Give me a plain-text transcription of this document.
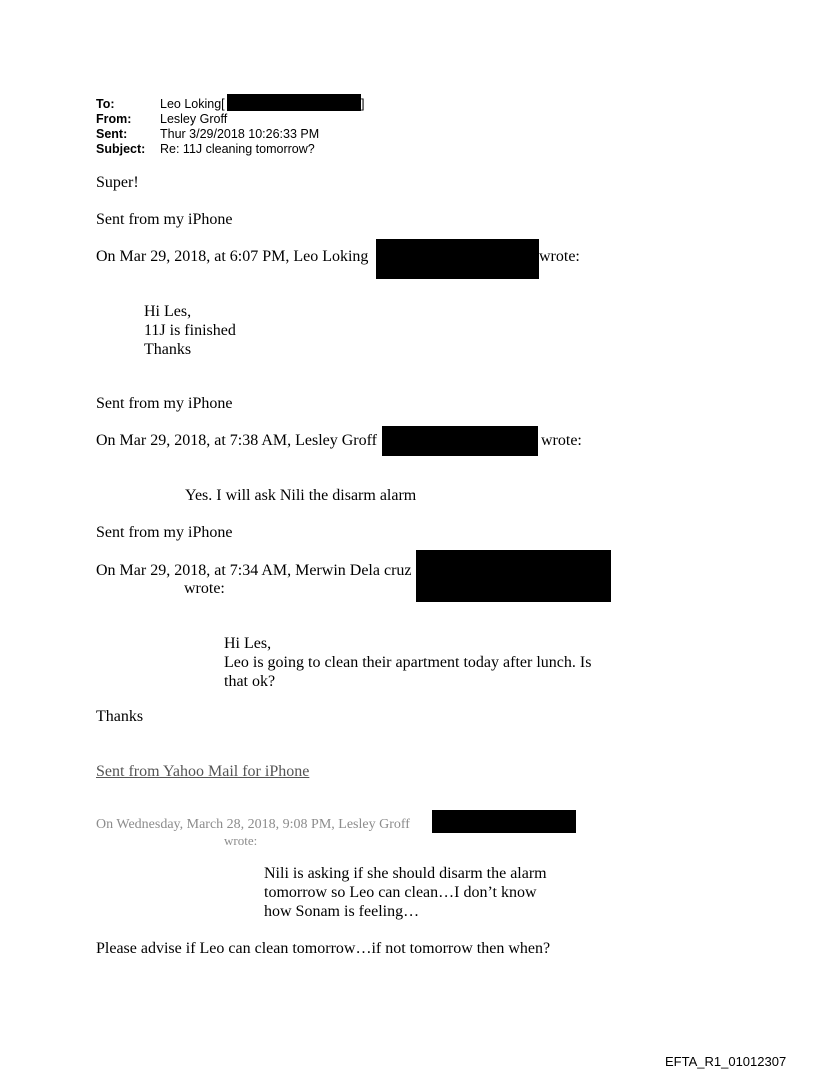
To:	Leo Loking[	]
From: Lesley Groff
Sent:	Thur 3/29/2018 10:26:33 PM
Subject: Re: 11J cleaning tomorrow?
Super!
Sent from my iPhone
On Mar 29, 2018, at 6:07 PM, Leo Loking	wrote:
Hi Les,
11J is finished
Thanks
Sent from my iPhone
On Mar 29, 2018, at 7:38 AM, Lesley Groff	wrote:
Yes. I will ask Nili the disarm alarm
Sent from my iPhone
On Mar 29, 2018, at 7:34 AM, Merwin Dela cruz
wrote:
Hi Les,
Leo is going to clean their apartment today after lunch. Is
that ok?
Thanks
Sent from Yahoo Mail for iPhone
On Wednesday, March 28, 2018, 9:08 PM, Lesley Groff
wrote:
Nili is asking if she should disarm the alarm
tomorrow so Leo can clean…I don’t know
how Sonam is feeling…
Please advise if Leo can clean tomorrow…if not tomorrow then when?
EFTA_R1_01012307
